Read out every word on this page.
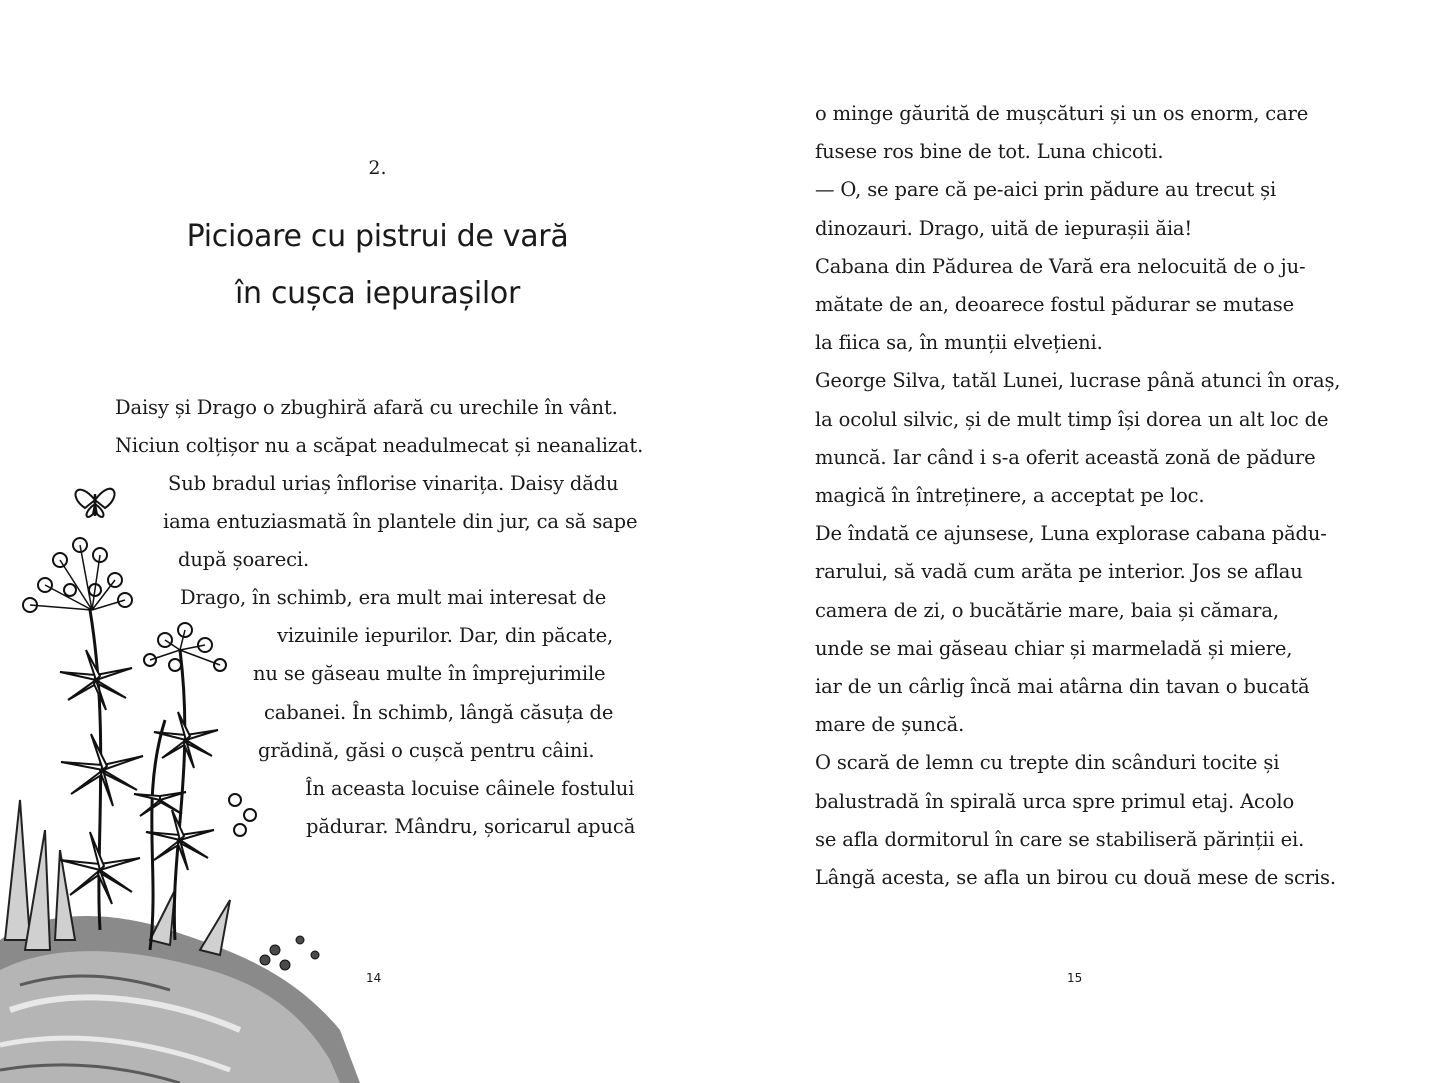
2.
Picioare cu pistrui de vară
în cușca iepurașilor
Daisy și Drago o zbughiră afară cu urechile în vânt.
Niciun colțișor nu a scăpat neadulmecat și neanalizat.
Sub bradul uriaș înflorise vinarița. Daisy dădu
iama entuziasmată în plantele din jur, ca să sape
după șoareci.
Drago, în schimb, era mult mai interesat de
vizuinile iepurilor. Dar, din păcate,
nu se găseau multe în împrejurimile
cabanei. În schimb, lângă căsuța de
grădină, găsi o cușcă pentru câini.
În aceasta locuise câinele fostului
pădurar. Mândru, șoricarul apucă
14
o minge găurită de mușcături și un os enorm, care
fusese ros bine de tot. Luna chicoti.
— O, se pare că pe-aici prin pădure au trecut și
dinozauri. Drago, uită de iepurașii ăia!
Cabana din Pădurea de Vară era nelocuită de o ju-
mătate de an, deoarece fostul pădurar se mutase
la fiica sa, în munții elvețieni.
George Silva, tatăl Lunei, lucrase până atunci în oraș,
la ocolul silvic, și de mult timp își dorea un alt loc de
muncă. Iar când i s-a oferit această zonă de pădure
magică în întreținere, a acceptat pe loc.
De îndată ce ajunsese, Luna explorase cabana pădu-
rarului, să vadă cum arăta pe interior. Jos se aflau
camera de zi, o bucătărie mare, baia și cămara,
unde se mai găseau chiar și marmeladă și miere,
iar de un cârlig încă mai atârna din tavan o bucată
mare de șuncă.
O scară de lemn cu trepte din scânduri tocite și
balustradă în spirală urca spre primul etaj. Acolo
se afla dormitorul în care se stabiliseră părinții ei.
Lângă acesta, se afla un birou cu două mese de scris.
15
